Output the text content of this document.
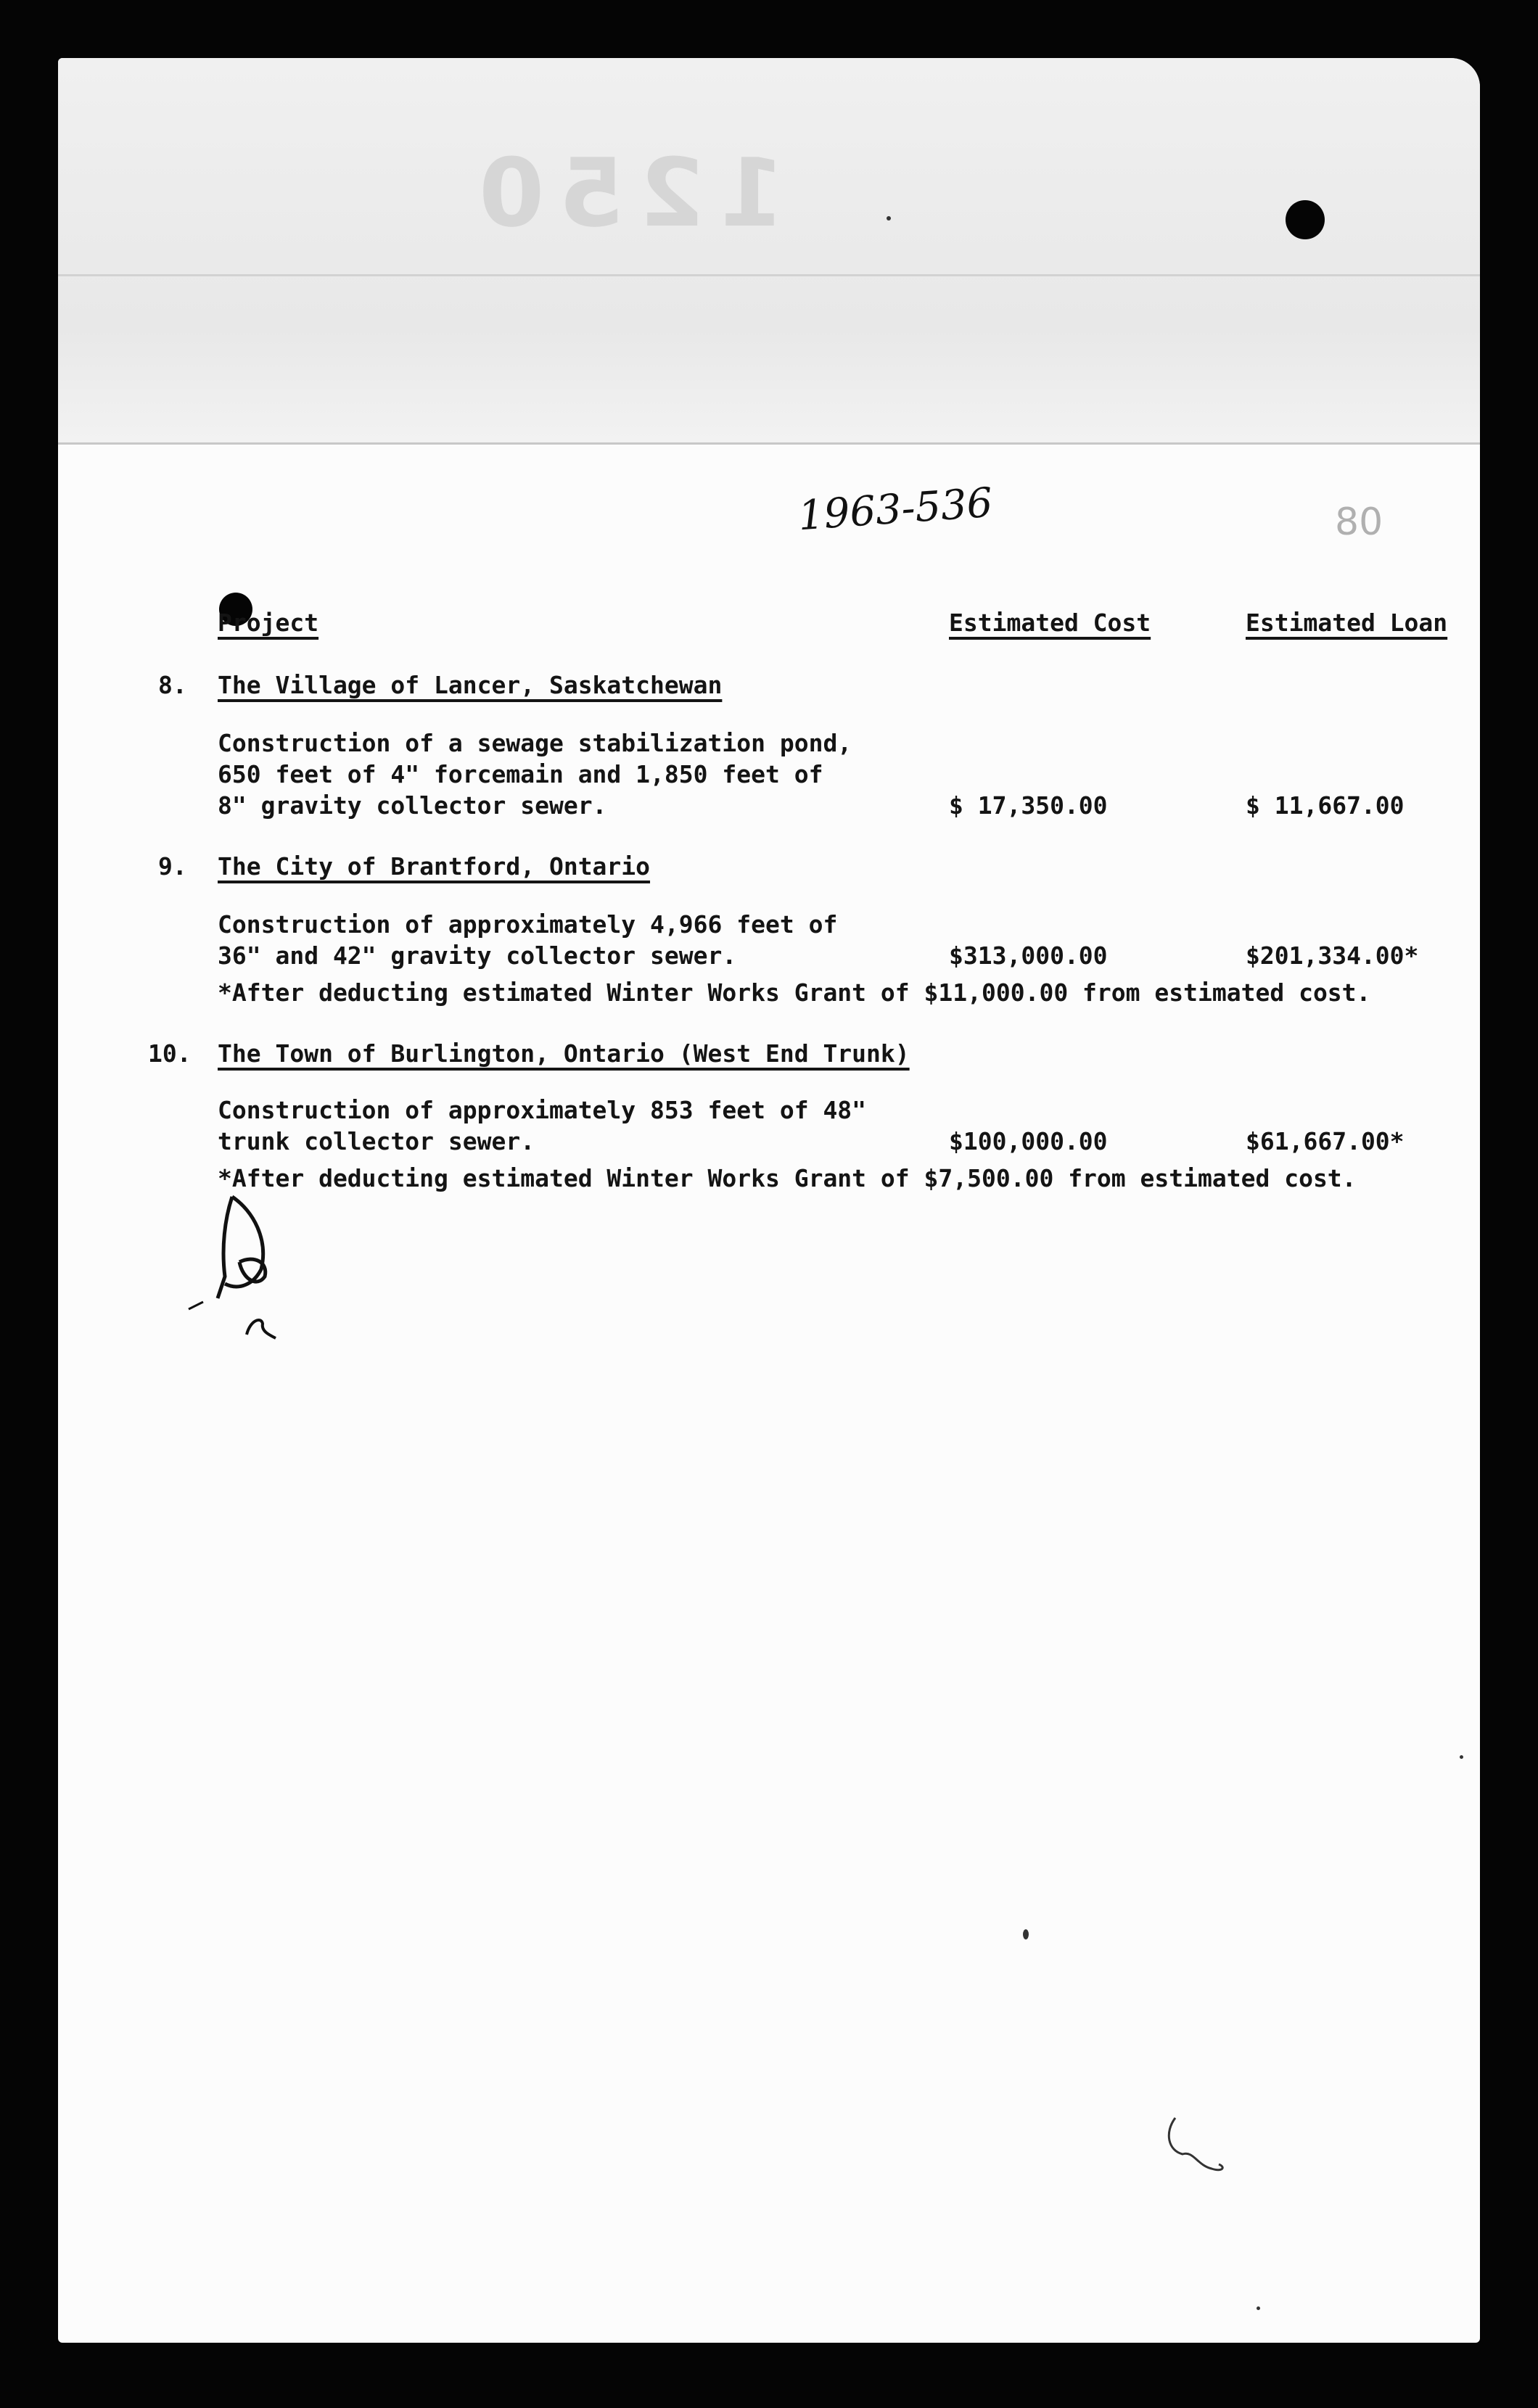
1250
1963-536	80
Project	Estimated Cost	Estimated Loan
8. The Village of Lancer, Saskatchewan
Construction of a sewage stabilization pond,
650 feet of 4" forcemain and 1,850 feet of
8" gravity collector sewer.	$ 17,350.00	$ 11,667.00
9. The City of Brantford, Ontario
Construction of approximately 4,966 feet of
36" and 42" gravity collector sewer.	$313,000.00	$201,334.00*
*After deducting estimated Winter Works Grant of $11,000.00 from estimated cost.
10. The Town of Burlington, Ontario (West End Trunk)
Construction of approximately 853 feet of 48"
trunk collector sewer.	$100,000.00	$61,667.00*
*After deducting estimated Winter Works Grant of $7,500.00 from estimated cost.
